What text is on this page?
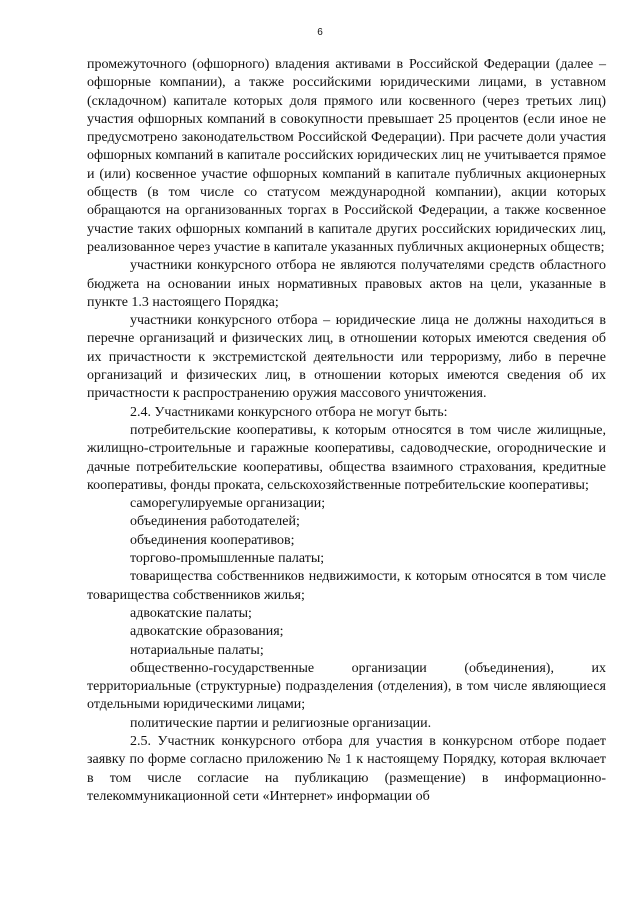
6

промежуточного (офшорного) владения активами в Российской Федерации (далее – офшорные компании), а также российскими юридическими лицами, в уставном (складочном) капитале которых доля прямого или косвенного (через третьих лиц) участия офшорных компаний в совокупности превышает 25 процентов (если иное не предусмотрено законодательством Российской Федерации). При расчете доли участия офшорных компаний в капитале российских юридических лиц не учитывается прямое и (или) косвенное участие офшорных компаний в капитале публичных акционерных обществ (в том числе со статусом международной компании), акции которых обращаются на организованных торгах в Российской Федерации, а также косвенное участие таких офшорных компаний в капитале других российских юридических лиц, реализованное через участие в капитале указанных публичных акционерных обществ;

участники конкурсного отбора не являются получателями средств областного бюджета на основании иных нормативных правовых актов на цели, указанные в пункте 1.3 настоящего Порядка;

участники конкурсного отбора – юридические лица не должны находиться в перечне организаций и физических лиц, в отношении которых имеются сведения об их причастности к экстремистской деятельности или терроризму, либо в перечне организаций и физических лиц, в отношении которых имеются сведения об их причастности к распространению оружия массового уничтожения.

2.4. Участниками конкурсного отбора не могут быть:

потребительские кооперативы, к которым относятся в том числе жилищные, жилищно-строительные и гаражные кооперативы, садоводческие, огороднические и дачные потребительские кооперативы, общества взаимного страхования, кредитные кооперативы, фонды проката, сельскохозяйственные потребительские кооперативы;

саморегулируемые организации;

объединения работодателей;

объединения кооперативов;

торгово-промышленные палаты;

товарищества собственников недвижимости, к которым относятся в том числе товарищества собственников жилья;

адвокатские палаты;

адвокатские образования;

нотариальные палаты;

общественно-государственные организации (объединения), их территориальные (структурные) подразделения (отделения), в том числе являющиеся отдельными юридическими лицами;

политические партии и религиозные организации.

2.5. Участник конкурсного отбора для участия в конкурсном отборе подает заявку по форме согласно приложению № 1 к настоящему Порядку, которая включает в том числе согласие на публикацию (размещение) в информационно-телекоммуникационной сети «Интернет» информации об
